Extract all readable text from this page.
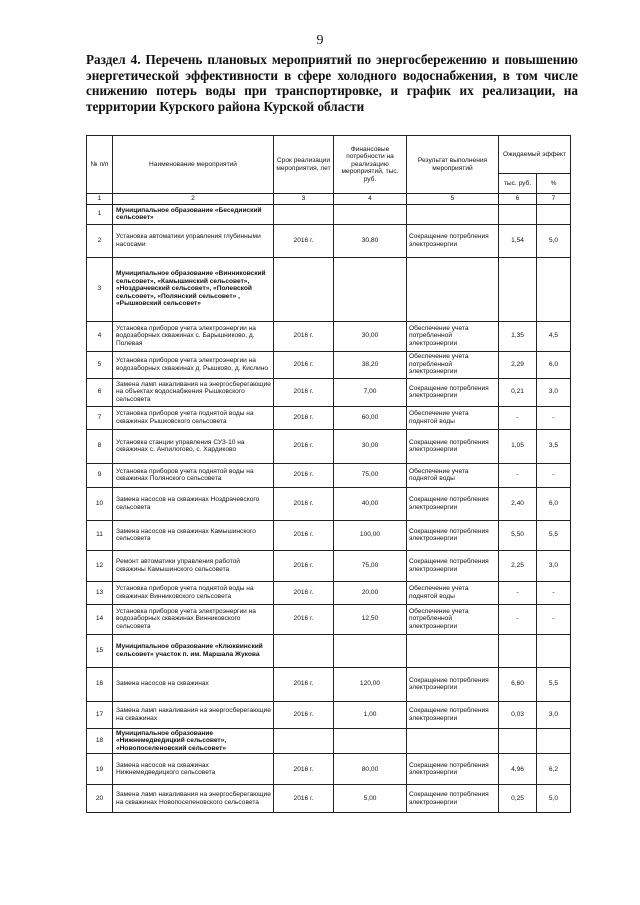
9
Раздел 4. Перечень плановых мероприятий по энергосбережению и повышению энергетической эффективности в сфере холодного водоснабжения, в том числе снижению потерь воды при транспортировке, и график их реализации, на территории Курского района Курской области
№ п/п	Наименование мероприятий	Срок реализации мероприятия, лет	Финансовые потребности на реализацию мероприятий, тыс. руб.	Результат выполнения мероприятий	Ожидаемый эффект	
					тыс. руб.	%
1	2	3	4	5	6	7
1	Муниципальное образование «Беседииский сельсовет»					
2	Установка автоматики управления глубинными насосами	2016 г.	30,80	Сокращение потребления электроэнергии	1,54	5,0
3	Муниципальное образование «Винниковский сельсовет», «Камышинский сельсовет», «Ноздрачевский сельсовет», «Полевской сельсовет», «Полянский сельсовет» , «Рышковский сельсовет»					
4	Установка приборов учета электроэнергии на водозаборных скважинах с. Барышниково, д. Полевая	2016 г.	30,00	Обеспечение учета потребленной электроэнергии	1,35	4,5
5	Установка приборов учета электроэнергии на водозаборных скважинах д. Рышково, д. Кислино	2016 г.	38,20	Обеспечение учета потребленной электроэнергии	2,29	6,0
6	Замена ламп накаливания на энергосберегающие на объектах водоснабжения Рышковского сельсовета	2016 г.	7,00	Сокращение потребления электроэнергии	0,21	3,0
7	Установка приборов учета поднятой воды на скважинах Рышковского сельсовета	2016 г.	60,00	Обеспечение учета поднятой воды	-	-
8	Установка станции управления СУЗ-10 на скважинах с. Анпилогово, с. Хардиково	2016 г.	30,00	Сокращение потребления электроэнергии	1,05	3,5
9	Установка приборов учета поднятой воды на скважинах Полянского сельсовета	2016 г.	75,00	Обеспечение учета поднятой воды	-	-
10	Замена насосов на скважинах Ноздрачевского сельсовета	2016 г.	40,00	Сокращение потребления электроэнергии	2,40	6,0
11	Замена насосов на скважинах Камышинского сельсовета	2016 г.	100,00	Сокращение потребления электроэнергии	5,50	5,5
12	Ремонт автоматики управления работой скважины Камышинского сельсовета	2016 г.	75,00	Сокращение потребления электроэнергии	2,25	3,0
13	Установка приборов учета поднятой воды на скважинах Винниковского сельсовета	2016 г.	20,00	Обеспечение учета поднятой воды	-	-
14	Установка приборов учета электроэнергии на водозаборных скважинах Винниковского сельсовета	2016 г.	12,50	Обеспечение учета потребленной электроэнергии	-	-
15	Муниципальное образование «Клюквинский сельсовет» участок п. им. Маршала Жукова					
16	Замена насосов на скважинах	2016 г.	120,00	Сокращение потребления электроэнергии	6,60	5,5
17	Замена ламп накаливания на энергосберегающие на скважинах	2016 г.	1,00	Сокращение потребления электроэнергии	0,03	3,0
18	Муниципальное образование «Нижнемедведицкий сельсовет», «Новопоселеновский сельсовет»					
19	Замена насосов на скважинах Нижнемедведицкого сельсовета	2016 г.	80,00	Сокращение потребления электроэнергии	4,96	6,2
20	Замена ламп накаливания на энергосберегающие на скважинах Новопоселеновского сельсовета	2016 г.	5,00	Сокращение потребления электроэнергии	0,25	5,0
